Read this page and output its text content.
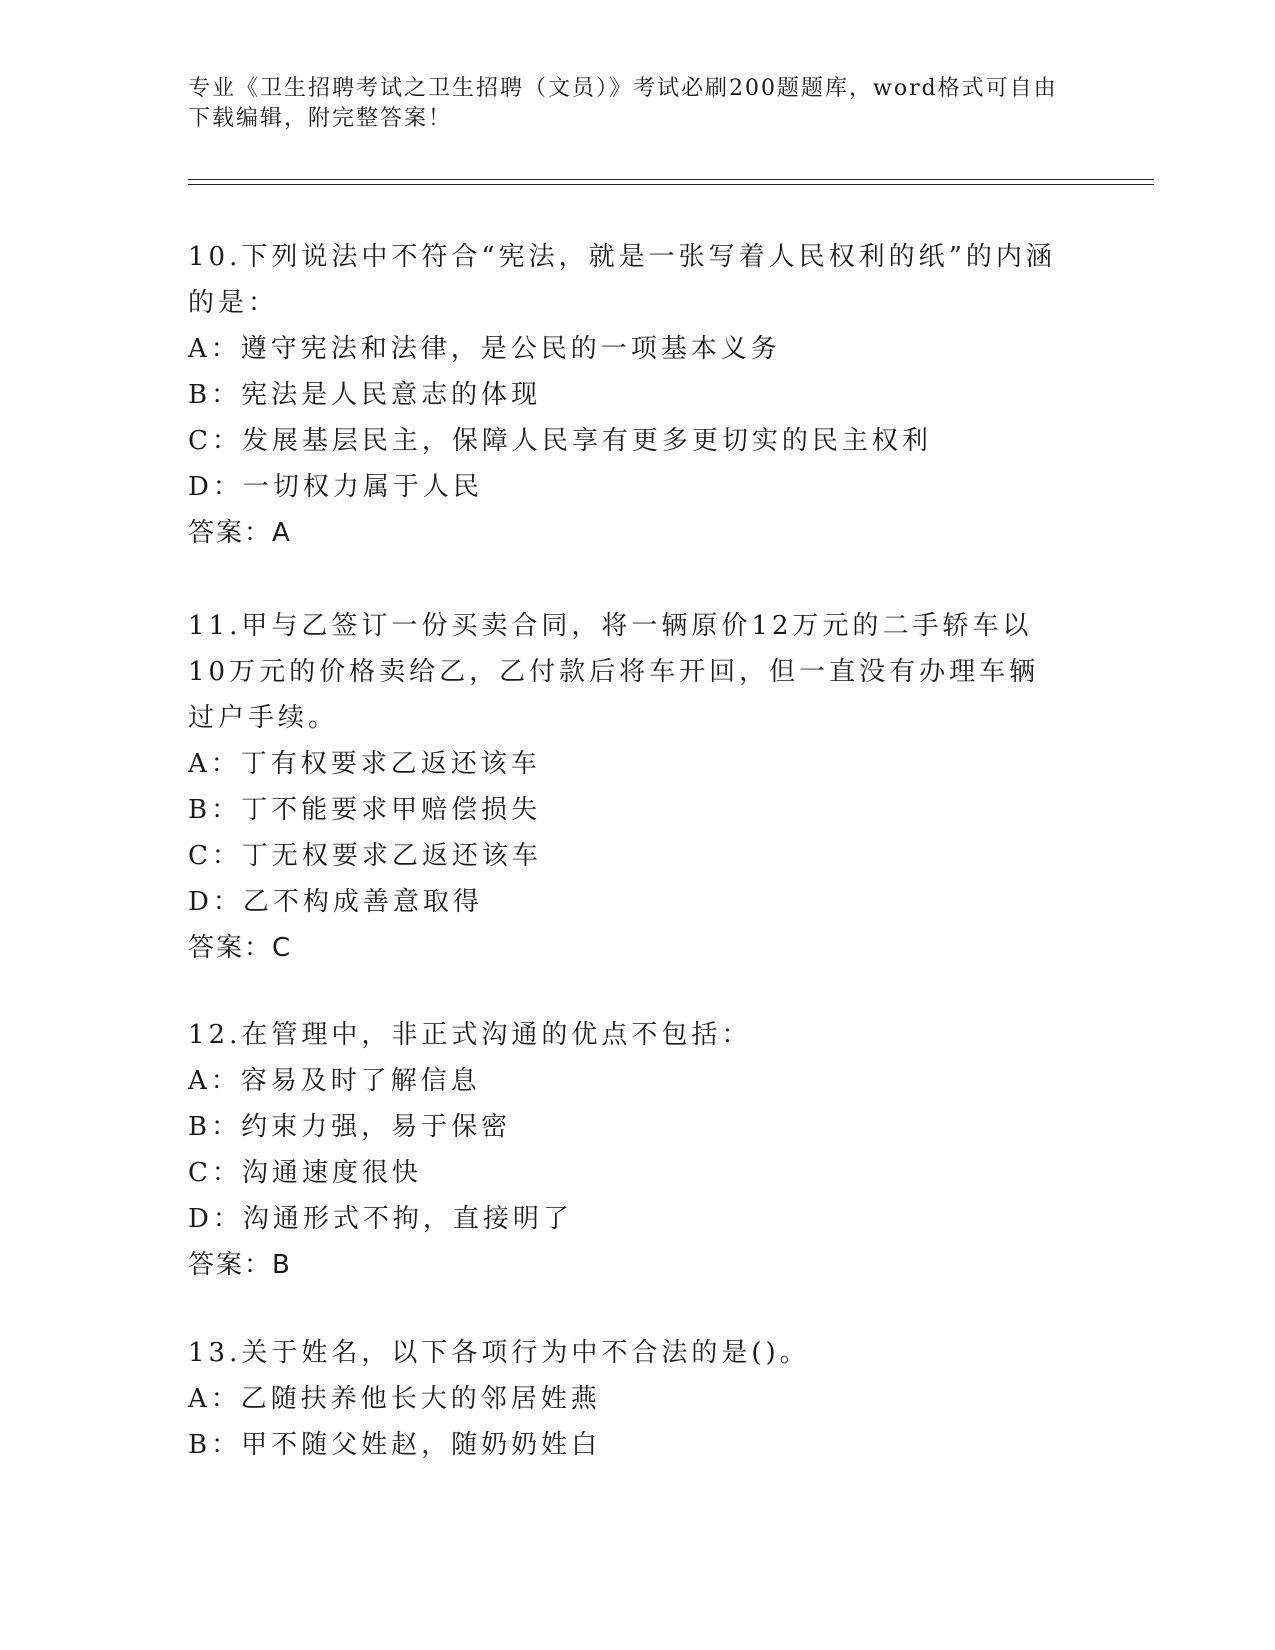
专业《卫生招聘考试之卫生招聘（文员）》考试必刷200题题库，word格式可自由下载编辑，附完整答案！

10.下列说法中不符合“宪法，就是一张写着人民权利的纸”的内涵的是：

A：遵守宪法和法律，是公民的一项基本义务
B：宪法是人民意志的体现
C：发展基层民主，保障人民享有更多更切实的民主权利
D：一切权力属于人民
答案：A

11.甲与乙签订一份买卖合同，将一辆原价12万元的二手轿车以10万元的价格卖给乙，乙付款后将车开回，但一直没有办理车辆过户手续。

A：丁有权要求乙返还该车
B：丁不能要求甲赔偿损失
C：丁无权要求乙返还该车
D：乙不构成善意取得
答案：C

12.在管理中，非正式沟通的优点不包括：

A：容易及时了解信息
B：约束力强，易于保密
C：沟通速度很快
D：沟通形式不拘，直接明了
答案：B

13.关于姓名，以下各项行为中不合法的是()。

A：乙随扶养他长大的邻居姓燕
B：甲不随父姓赵，随奶奶姓白
